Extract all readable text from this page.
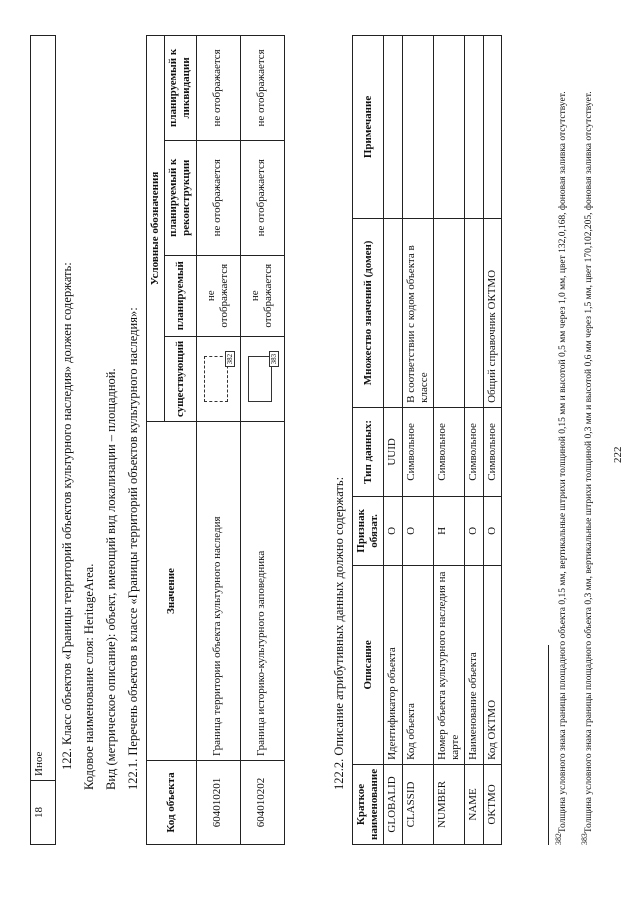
18	Иное 122. Класс объектов «Границы территорий объектов культурного наследия» должен содержать: Кодовое наименование слоя: HeritageArea. Вид (метрическое описание): объект, имеющий вид локализации – площадной. 122.1. Перечень объектов в классе «Границы территорий объектов культурного наследия»:
Код объекта	Значение	Условные обозначения			
		существующий	планируемый	планируемый к реконструкции	планируемый к ликвидации
604010201	Граница территории объекта культурного наследия	382	не отображается	не отображается	не отображается
604010202	Граница историко-культурного заповедника	383	не отображается	не отображается	не отображается
122.2. Описание атрибутивных данных должно содержать:
Краткое наименование	Описание	Признак обязат.	Тип данных:	Множество значений (домен)	Примечание
GLOBALID	Идентификатор объекта	О	UUID		
CLASSID	Код объекта	О	Символьное	В соответствии с кодом объекта в классе	
NUMBER	Номер объекта культурного наследия на карте	Н	Символьное		
NAME	Наименование объекта	О	Символьное		
OKTMO	Код ОКТМО	О	Символьное	Общий справочник ОКТМО	
$^{382}$Толщина условного знака границы площадного объекта 0,15 мм, вертикальные штрихи толщиной 0,15 мм и высотой 0,5 мм через 1,0 мм, цвет 132,0,168, фоновая заливка отсутствует.
$^{383}$Толщина условного знака границы площадного объекта 0,3 мм, вертикальные штрихи толщиной 0,3 мм и высотой 0,6 мм через 1,5 мм, цвет 170,102,205, фоновая заливка отсутствует. 222
